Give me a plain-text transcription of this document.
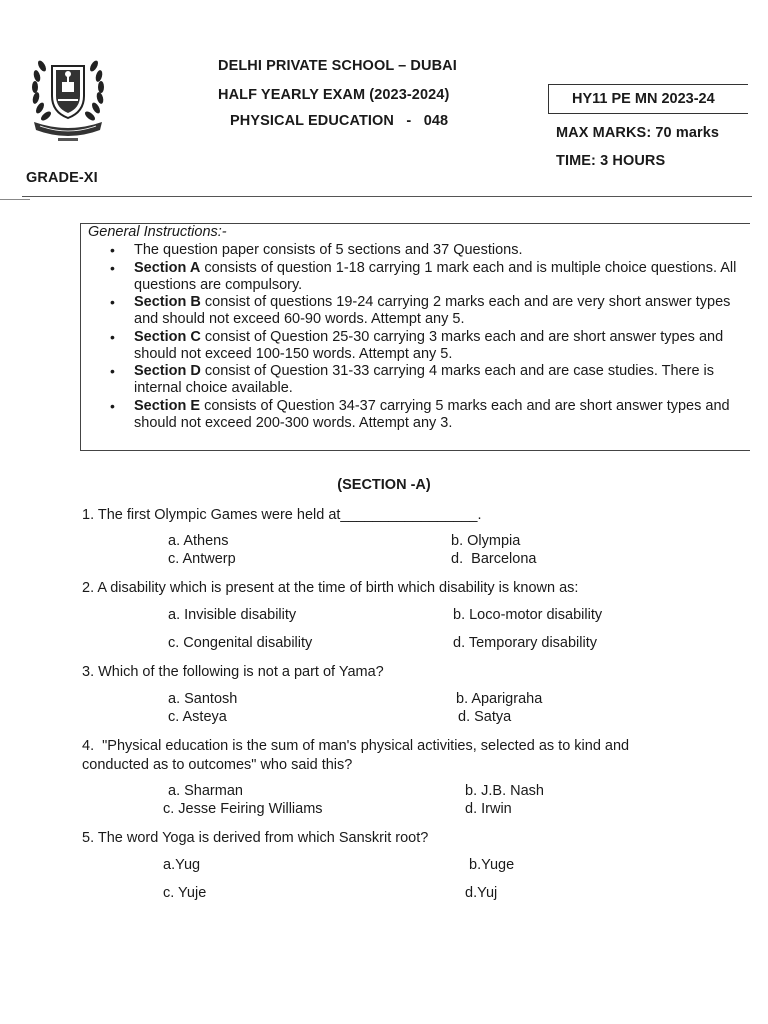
DELHI PRIVATE SCHOOL – DUBAI
HALF YEARLY EXAM (2023-2024)
PHYSICAL EDUCATION   -   048
HY11 PE MN 2023-24
MAX MARKS: 70 marks
TIME: 3 HOURS
GRADE-XI
General Instructions:-
• The question paper consists of 5 sections and 37 Questions.
• Section A consists of question 1-18 carrying 1 mark each and is multiple choice questions. All questions are compulsory.
• Section B consist of questions 19-24 carrying 2 marks each and are very short answer types and should not exceed 60-90 words. Attempt any 5.
• Section C consist of Question 25-30 carrying 3 marks each and are short answer types and should not exceed 100-150 words. Attempt any 5.
• Section D consist of Question 31-33 carrying 4 marks each and are case studies. There is internal choice available.
• Section E consists of Question 34-37 carrying 5 marks each and are short answer types and should not exceed 200-300 words. Attempt any 3.
(SECTION -A)
1. The first Olympic Games were held at_________________.
a. Athens	b. Olympia
c. Antwerp	d.  Barcelona
2. A disability which is present at the time of birth which disability is known as:
a. Invisible disability	b. Loco-motor disability
c. Congenital disability	d. Temporary disability
3. Which of the following is not a part of Yama?
a. Santosh	b. Aparigraha
c. Asteya	d. Satya
4.  "Physical education is the sum of man's physical activities, selected as to kind and conducted as to outcomes" who said this?
a. Sharman	b. J.B. Nash
c. Jesse Feiring Williams	d. Irwin
5. The word Yoga is derived from which Sanskrit root?
a.Yug	b.Yuge
c. Yuje	d.Yuj
